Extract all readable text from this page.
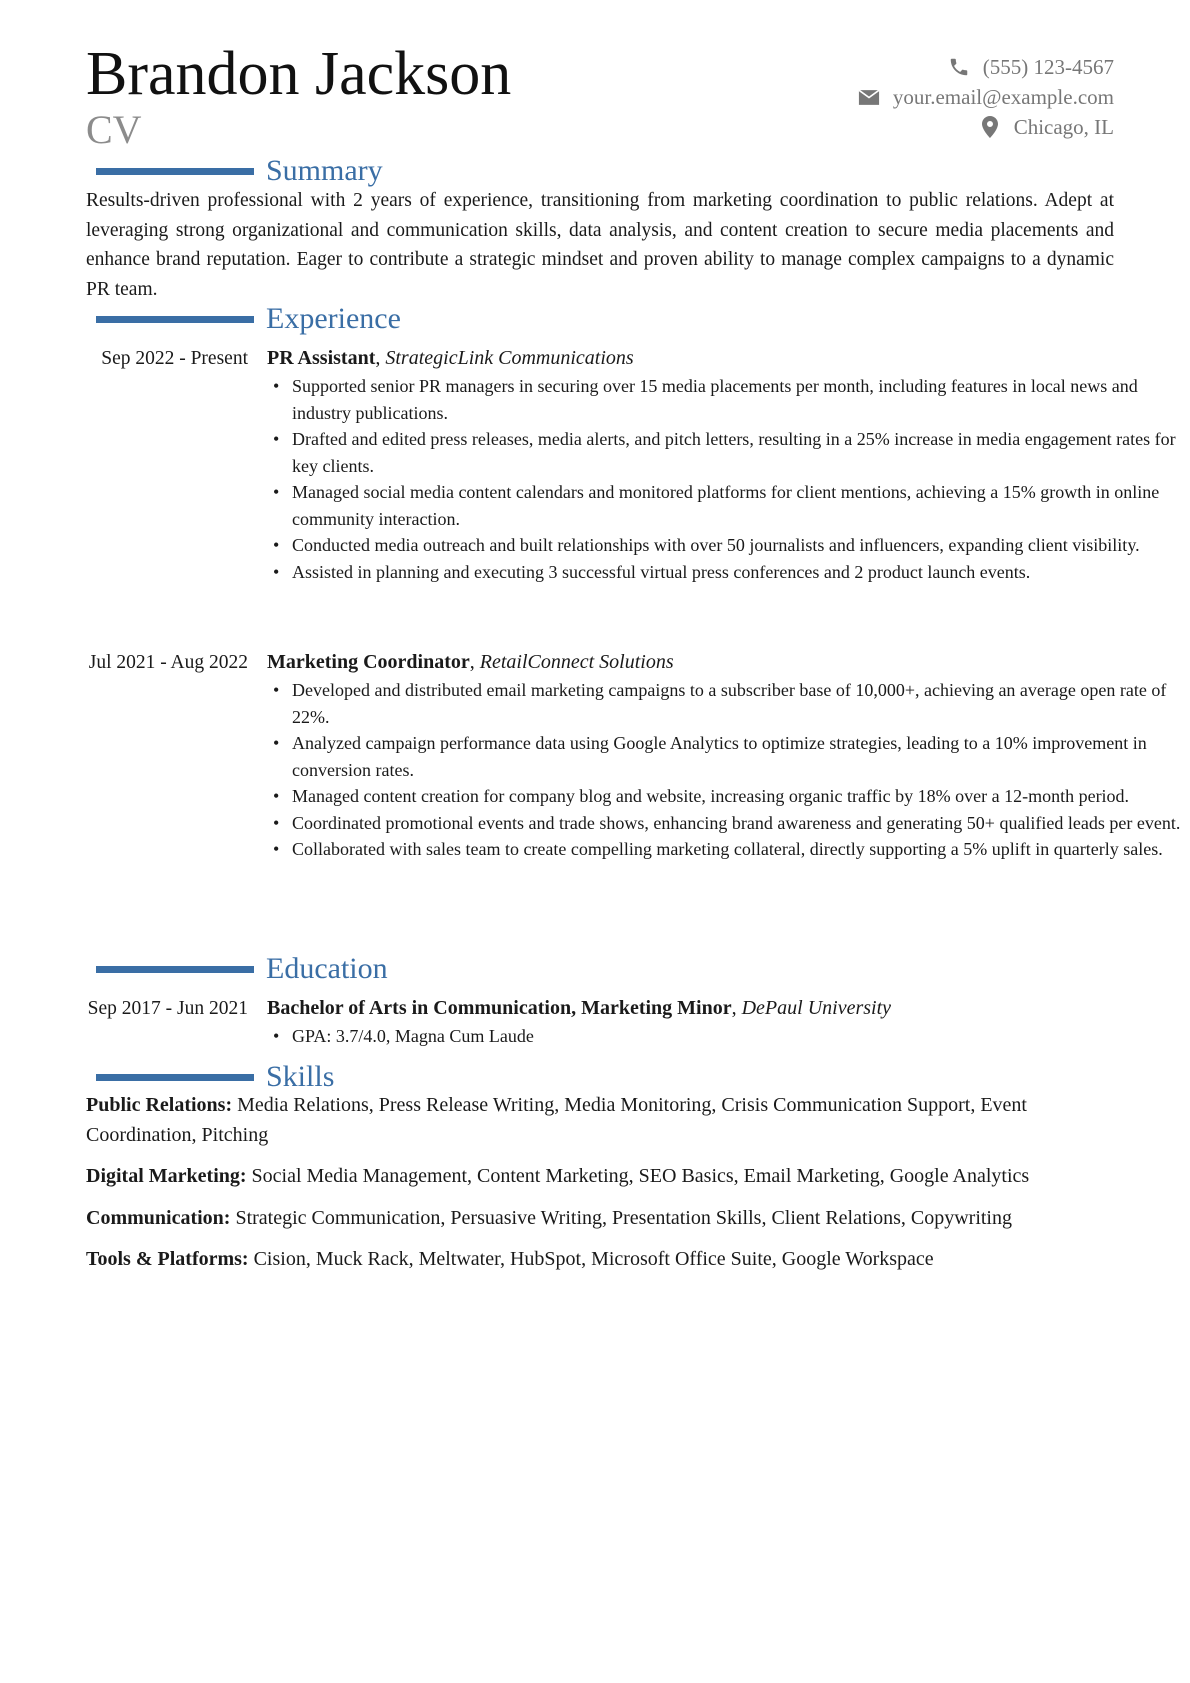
Brandon Jackson
CV
(555) 123-4567
your.email@example.com
Chicago, IL
Summary
Results-driven professional with 2 years of experience, transitioning from marketing coordination to public relations. Adept at leveraging strong organizational and communication skills, data analysis, and content creation to secure media placements and enhance brand reputation. Eager to contribute a strategic mindset and proven ability to manage complex campaigns to a dynamic PR team.
Experience
Sep 2022 - Present PR Assistant, StrategicLink Communications
• Supported senior PR managers in securing over 15 media placements per month, including features in local news and industry publications.
• Drafted and edited press releases, media alerts, and pitch letters, resulting in a 25% increase in media engagement rates for key clients.
• Managed social media content calendars and monitored platforms for client mentions, achieving a 15% growth in online community interaction.
• Conducted media outreach and built relationships with over 50 journalists and influencers, expanding client visibility.
• Assisted in planning and executing 3 successful virtual press conferences and 2 product launch events.
Jul 2021 - Aug 2022 Marketing Coordinator, RetailConnect Solutions
• Developed and distributed email marketing campaigns to a subscriber base of 10,000+, achieving an average open rate of 22%.
• Analyzed campaign performance data using Google Analytics to optimize strategies, leading to a 10% improvement in conversion rates.
• Managed content creation for company blog and website, increasing organic traffic by 18% over a 12-month period.
• Coordinated promotional events and trade shows, enhancing brand awareness and generating 50+ qualified leads per event.
• Collaborated with sales team to create compelling marketing collateral, directly supporting a 5% uplift in quarterly sales.
Education
Sep 2017 - Jun 2021 Bachelor of Arts in Communication, Marketing Minor, DePaul University
• GPA: 3.7/4.0, Magna Cum Laude
Skills
Public Relations: Media Relations, Press Release Writing, Media Monitoring, Crisis Communication Support, Event Coordination, Pitching
Digital Marketing: Social Media Management, Content Marketing, SEO Basics, Email Marketing, Google Analytics
Communication: Strategic Communication, Persuasive Writing, Presentation Skills, Client Relations, Copywriting
Tools & Platforms: Cision, Muck Rack, Meltwater, HubSpot, Microsoft Office Suite, Google Workspace
